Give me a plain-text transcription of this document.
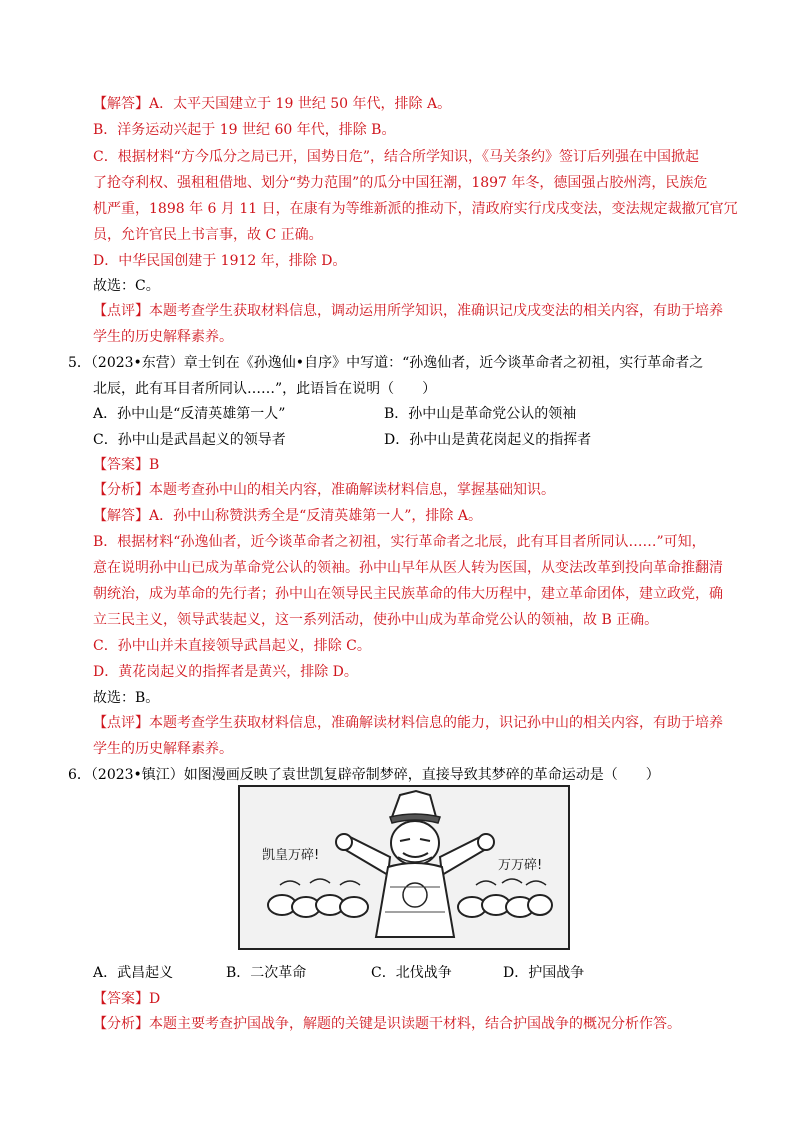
【解答】A．太平天国建立于 19 世纪 50 年代，排除 A。
B．洋务运动兴起于 19 世纪 60 年代，排除 B。
C．根据材料“方今瓜分之局已开，国势日危”，结合所学知识，《马关条约》签订后列强在中国掀起
了抢夺利权、强租租借地、划分“势力范围”的瓜分中国狂潮，1897 年冬，德国强占胶州湾，民族危
机严重，1898 年 6 月 11 日，在康有为等维新派的推动下，清政府实行戊戌变法，变法规定裁撤冗官冗
员，允许官民上书言事，故 C 正确。
D．中华民国创建于 1912 年，排除 D。
故选：C。
【点评】本题考查学生获取材料信息，调动运用所学知识，准确识记戊戌变法的相关内容，有助于培养
学生的历史解释素养。
5．（2023•东营）章士钊在《孙逸仙•自序》中写道：“孙逸仙者，近今谈革命者之初祖，实行革命者之
北辰，此有耳目者所同认……”，此语旨在说明（　　）
A．孙中山是“反清英雄第一人”	B．孙中山是革命党公认的领袖
C．孙中山是武昌起义的领导者	D．孙中山是黄花岗起义的指挥者
【答案】B
【分析】本题考查孙中山的相关内容，准确解读材料信息，掌握基础知识。
【解答】A．孙中山称赞洪秀全是“反清英雄第一人”，排除 A。
B．根据材料“孙逸仙者，近今谈革命者之初祖，实行革命者之北辰，此有耳目者所同认……”可知，
意在说明孙中山已成为革命党公认的领袖。孙中山早年从医人转为医国，从变法改革到投向革命推翻清
朝统治，成为革命的先行者；孙中山在领导民主民族革命的伟大历程中，建立革命团体，建立政党，确
立三民主义，领导武装起义，这一系列活动，使孙中山成为革命党公认的领袖，故 B 正确。
C．孙中山并未直接领导武昌起义，排除 C。
D．黄花岗起义的指挥者是黄兴，排除 D。
故选：B。
【点评】本题考查学生获取材料信息，准确解读材料信息的能力，识记孙中山的相关内容，有助于培养
学生的历史解释素养。
6．（2023•镇江）如图漫画反映了袁世凯复辟帝制梦碎，直接导致其梦碎的革命运动是（　　）
凯皇万碎!
万万碎!
A．武昌起义	B．二次革命	C．北伐战争	D．护国战争
【答案】D
【分析】本题主要考查护国战争，解题的关键是识读题干材料，结合护国战争的概况分析作答。
